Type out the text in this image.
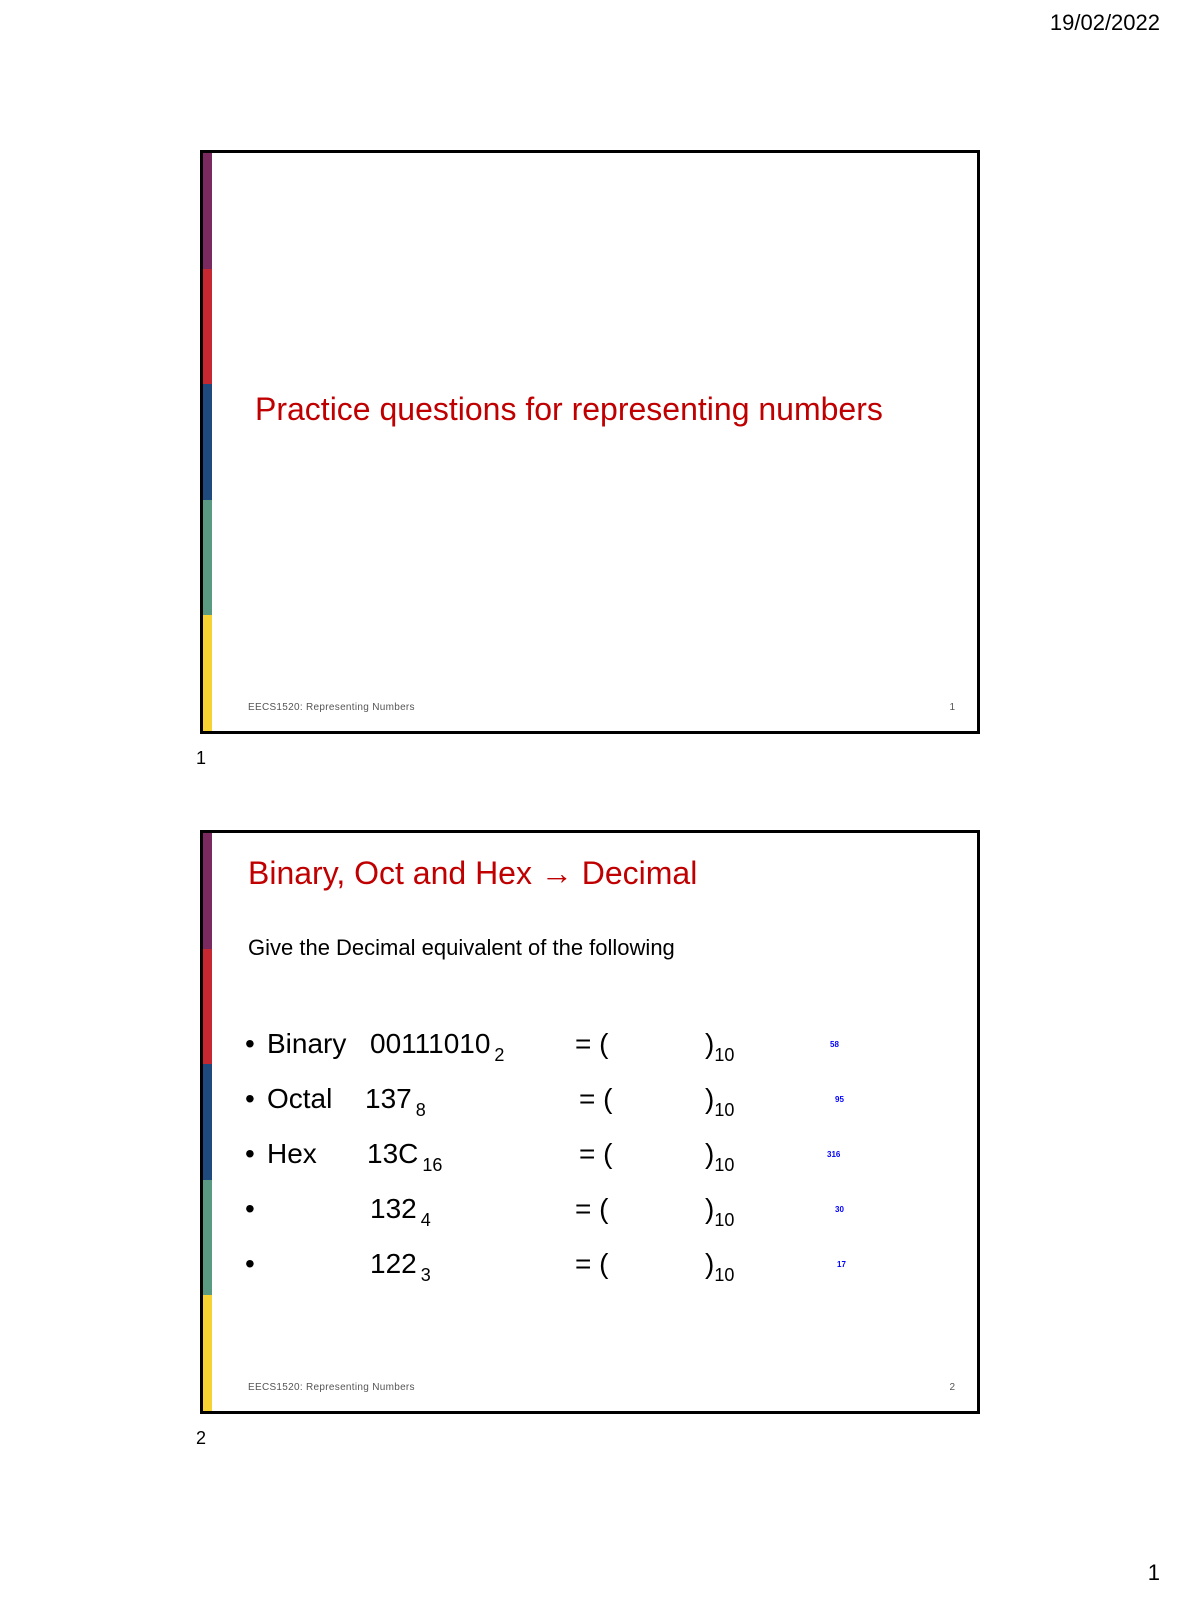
19/02/2022
Practice questions for representing numbers
EECS1520: Representing Numbers	1
1
Binary, Oct and Hex → Decimal
Give the Decimal equivalent of the following
• Binary 00111010 $_2$	= (	)$_{10}$
58
• Octal 137 $_8$	= (	)$_{10}$
95
• Hex 13C $_{16}$	= (	)$_{10}$
316
•	132 $_4$	= (	)$_{10}$
30
•	122 $_3$	= (	)$_{10}$
17
EECS1520: Representing Numbers	2
2
1
